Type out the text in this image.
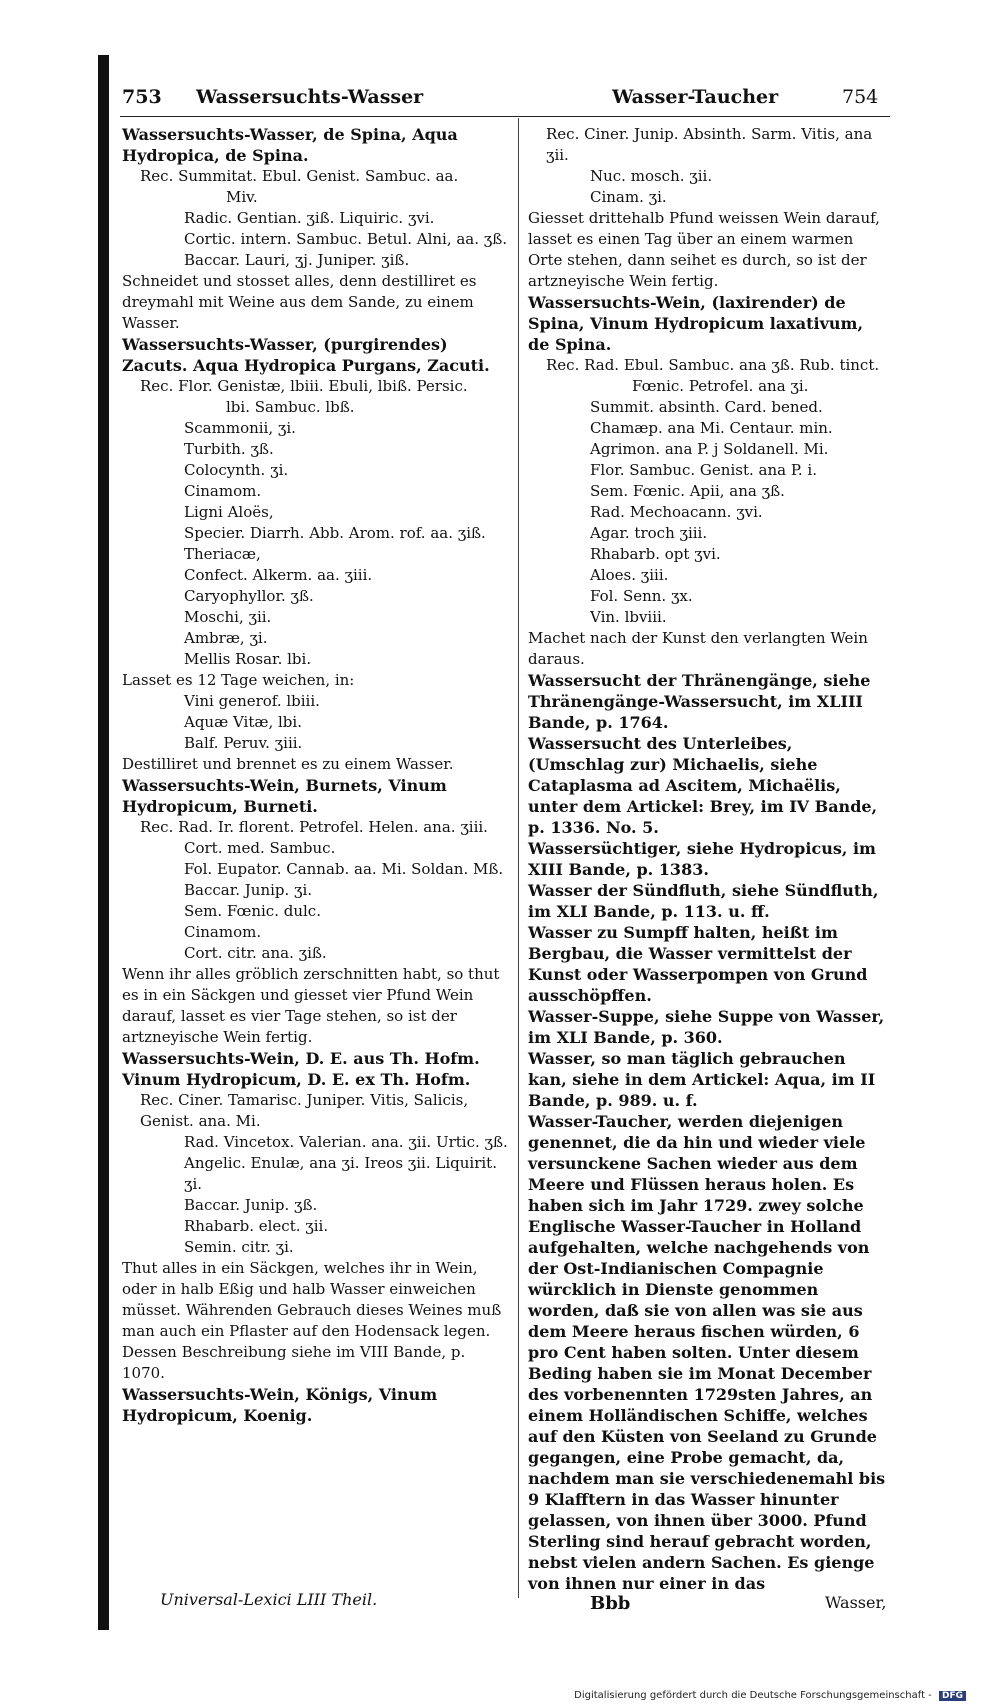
753 Wassersuchts-Wasser	Wasser-Taucher	754

Wassersuchts-Wasser, de Spina, Aqua Hydropica, de Spina.

Rec. Summitat. Ebul. Genist. Sambuc. aa.

Miv.

Radic. Gentian. ʒiß. Liquiric. ʒvi.

Cortic. intern. Sambuc. Betul. Alni, aa. ʒß.

Baccar. Lauri, ʒj. Juniper. ʒiß.

Schneidet und stosset alles, denn destilliret es dreymahl mit Weine aus dem Sande, zu einem Wasser.

Wassersuchts-Wasser, (purgirendes) Zacuts. Aqua Hydropica Purgans, Zacuti.

Rec. Flor. Genistæ, lbiii. Ebuli, lbiß. Persic.

lbi. Sambuc. lbß.

Scammonii, ʒi.

Turbith. ʒß.

Colocynth. ʒi.

Cinamom.

Ligni Aloës,

Specier. Diarrh. Abb. Arom. rof. aa. ʒiß.

Theriacæ,

Confect. Alkerm. aa. ʒiii.

Caryophyllor. ʒß.

Moschi, ʒii.

Ambræ, ʒi.

Mellis Rosar. lbi.

Lasset es 12 Tage weichen, in:

Vini generof. lbiii.

Aquæ Vitæ, lbi.

Balf. Peruv. ʒiii.

Destilliret und brennet es zu einem Wasser.

Wassersuchts-Wein, Burnets, Vinum Hydropicum, Burneti.

Rec. Rad. Ir. florent. Petrofel. Helen. ana. ʒiii.

Cort. med. Sambuc.

Fol. Eupator. Cannab. aa. Mi. Soldan. Mß.

Baccar. Junip. ʒi.

Sem. Fœnic. dulc.

Cinamom.

Cort. citr. ana. ʒiß.

Wenn ihr alles gröblich zerschnitten habt, so thut es in ein Säckgen und giesset vier Pfund Wein darauf, lasset es vier Tage stehen, so ist der artzneyische Wein fertig.

Wassersuchts-Wein, D. E. aus Th. Hofm. Vinum Hydropicum, D. E. ex Th. Hofm.

Rec. Ciner. Tamarisc. Juniper. Vitis, Salicis, Genist. ana. Mi.

Rad. Vincetox. Valerian. ana. ʒii. Urtic. ʒß. Angelic. Enulæ, ana ʒi. Ireos ʒii. Liquirit. ʒi.

Baccar. Junip. ʒß.

Rhabarb. elect. ʒii.

Semin. citr. ʒi.

Thut alles in ein Säckgen, welches ihr in Wein, oder in halb Eßig und halb Wasser einweichen müsset. Währenden Gebrauch dieses Weines muß man auch ein Pflaster auf den Hodensack legen. Dessen Beschreibung siehe im VIII Bande, p. 1070.

Wassersuchts-Wein, Königs, Vinum Hydropicum, Koenig.

Rec. Ciner. Junip. Absinth. Sarm. Vitis, ana ʒii.

Nuc. mosch. ʒii.

Cinam. ʒi.

Giesset drittehalb Pfund weissen Wein darauf, lasset es einen Tag über an einem warmen Orte stehen, dann seihet es durch, so ist der artzneyische Wein fertig.

Wassersuchts-Wein, (laxirender) de Spina, Vinum Hydropicum laxativum, de Spina.

Rec. Rad. Ebul. Sambuc. ana ʒß. Rub. tinct.

Fœnic. Petrofel. ana ʒi.

Summit. absinth. Card. bened. Chamæp. ana Mi. Centaur. min. Agrimon. ana P. j Soldanell. Mi.

Flor. Sambuc. Genist. ana P. i.

Sem. Fœnic. Apii, ana ʒß.

Rad. Mechoacann. ʒvi.

Agar. troch ʒiii.

Rhabarb. opt ʒvi.

Aloes. ʒiii.

Fol. Senn. ʒx.

Vin. lbviii.

Machet nach der Kunst den verlangten Wein daraus.

Wassersucht der Thränengänge, siehe Thränengänge-Wassersucht, im XLIII Bande, p. 1764.

Wassersucht des Unterleibes, (Umschlag zur) Michaelis, siehe Cataplasma ad Ascitem, Michaëlis, unter dem Artickel: Brey, im IV Bande, p. 1336. No. 5.

Wassersüchtiger, siehe Hydropicus, im XIII Bande, p. 1383.

Wasser der Sündfluth, siehe Sündfluth, im XLI Bande, p. 113. u. ff.

Wasser zu Sumpff halten, heißt im Bergbau, die Wasser vermittelst der Kunst oder Wasserpompen von Grund ausschöpffen.

Wasser-Suppe, siehe Suppe von Wasser, im XLI Bande, p. 360.

Wasser, so man täglich gebrauchen kan, siehe in dem Artickel: Aqua, im II Bande, p. 989. u. f.

Wasser-Taucher, werden diejenigen genennet, die da hin und wieder viele versunckene Sachen wieder aus dem Meere und Flüssen heraus holen. Es haben sich im Jahr 1729. zwey solche Englische Wasser-Taucher in Holland aufgehalten, welche nachgehends von der Ost-Indianischen Compagnie würcklich in Dienste genommen worden, daß sie von allen was sie aus dem Meere heraus fischen würden, 6 pro Cent haben solten. Unter diesem Beding haben sie im Monat December des vorbenennten 1729sten Jahres, an einem Holländischen Schiffe, welches auf den Küsten von Seeland zu Grunde gegangen, eine Probe gemacht, da, nachdem man sie verschiedenemahl bis 9 Klafftern in das Wasser hinunter gelassen, von ihnen über 3000. Pfund Sterling sind herauf gebracht worden, nebst vielen andern Sachen. Es gienge von ihnen nur einer in das

Universal-Lexici LIII Theil.	Bbb	Wasser,
Digitalisierung gefördert durch die Deutsche Forschungsgemeinschaft - DFG
